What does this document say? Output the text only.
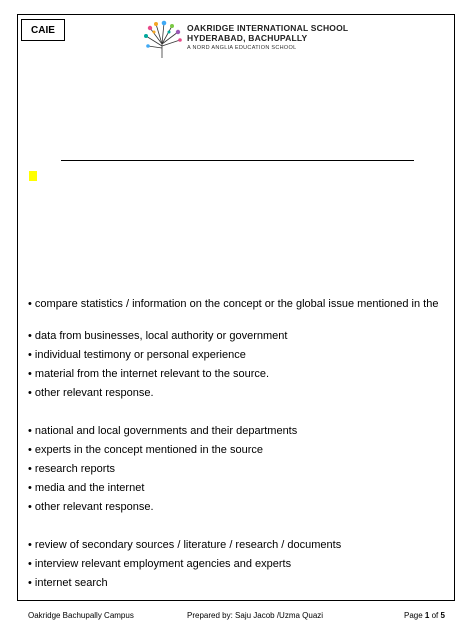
CAIE	OAKRIDGE INTERNATIONAL SCHOOL
HYDERABAD, BACHUPALLY
A NORD ANGLIA EDUCATION SCHOOL
• compare statistics / information on the concept or the global issue mentioned in the
• data from businesses, local authority or government
• individual testimony or personal experience
• material from the internet relevant to the source.
• other relevant response.
• national and local governments and their departments
• experts in the concept mentioned in the source
• research reports
• media and the internet
• other relevant response.
• review of secondary sources / literature / research / documents
• interview relevant employment agencies and experts
• internet search
Oakridge Bachupally Campus	Prepared by: Saju Jacob /Uzma Quazi	Page 1 of 5
